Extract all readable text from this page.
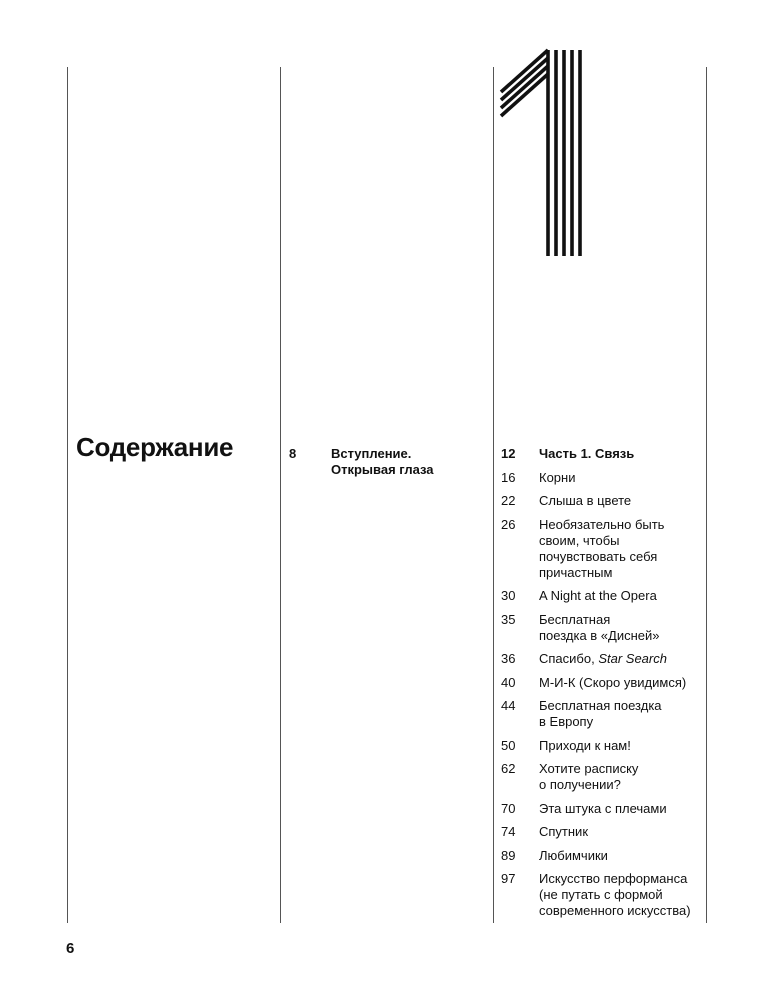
Содержание	8	Вступление.
Открывая глаза
12	Часть 1. Связь
16	Корни
22	Слыша в цвете
26	Необязательно быть
своим, чтобы
почувствовать себя
причастным
30	A Night at the Opera
35	Бесплатная
поездка в «Дисней»
36	Спасибо, Star Search
40	М-И-К (Скоро увидимся)
44	Бесплатная поездка
в Европу
50	Приходи к нам!
62	Хотите расписку
о получении?
70	Эта штука с плечами
74	Спутник
89	Любимчики
97	Искусство перформанса
(не путать с формой
современного искусства)
6
